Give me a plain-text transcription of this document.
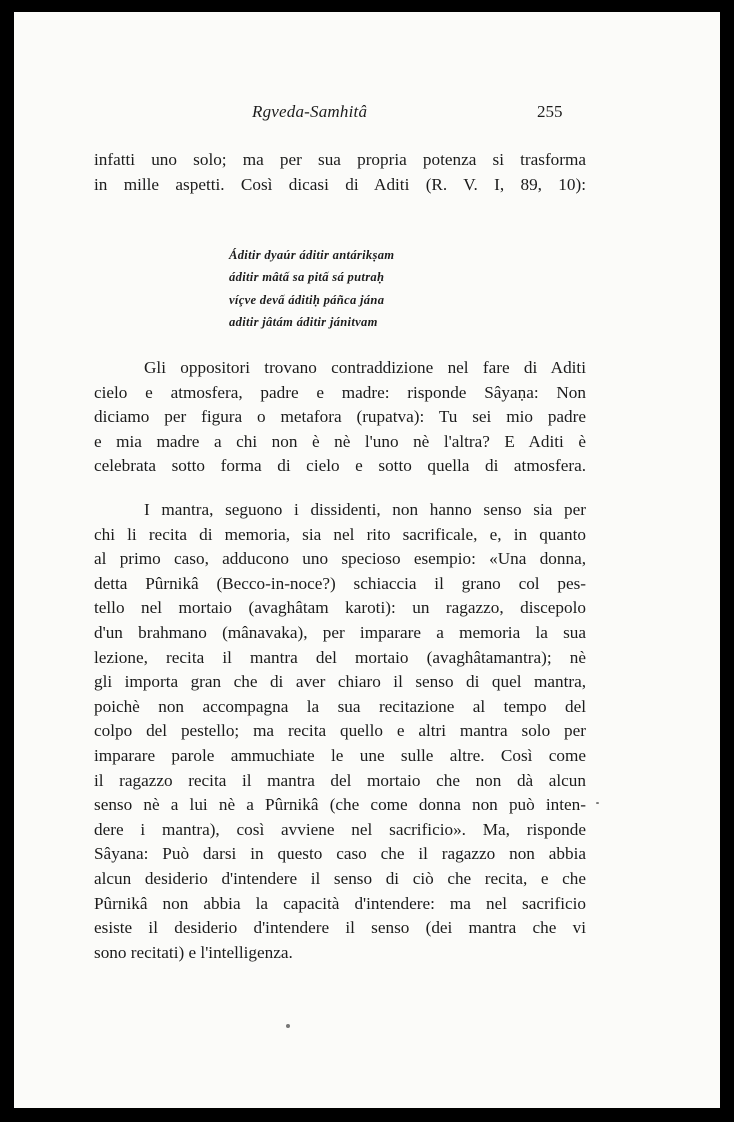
Rgveda-Samhitâ	255
infatti uno solo; ma per sua propria potenza si trasforma
in mille aspetti. Così dicasi di Aditi (R. V. I, 89, 10):
Áditir dyaúr áditir antárikṣam
áditir mâtấ sa pitấ sá putraḥ
víçve devấ áditiḥ páñca jána
aditir jâtám áditir jánitvam
Gli oppositori trovano contraddizione nel fare di Aditi
cielo e atmosfera, padre e madre: risponde Sâyaṇa: Non
diciamo per figura o metafora (rupatva): Tu sei mio padre
e mia madre a chi non è nè l'uno nè l'altra? E Aditi è
celebrata sotto forma di cielo e sotto quella di atmosfera.
I mantra, seguono i dissidenti, non hanno senso sia per
chi li recita di memoria, sia nel rito sacrificale, e, in quanto
al primo caso, adducono uno specioso esempio: «Una donna,
detta Pûrnikâ (Becco-in-noce?) schiaccia il grano col pes-
tello nel mortaio (avaghâtam karoti): un ragazzo, discepolo
d'un brahmano (mânavaka), per imparare a memoria la sua
lezione, recita il mantra del mortaio (avaghâtamantra); nè
gli importa gran che di aver chiaro il senso di quel mantra,
poichè non accompagna la sua recitazione al tempo del
colpo del pestello; ma recita quello e altri mantra solo per
imparare parole ammuchiate le une sulle altre. Così come
il ragazzo recita il mantra del mortaio che non dà alcun
senso nè a lui nè a Pûrnikâ (che come donna non può inten-
dere i mantra), così avviene nel sacrificio». Ma, risponde
Sâyana: Può darsi in questo caso che il ragazzo non abbia
alcun desiderio d'intendere il senso di ciò che recita, e che
Pûrnikâ non abbia la capacità d'intendere: ma nel sacrificio
esiste il desiderio d'intendere il senso (dei mantra che vi
sono recitati) e l'intelligenza.
